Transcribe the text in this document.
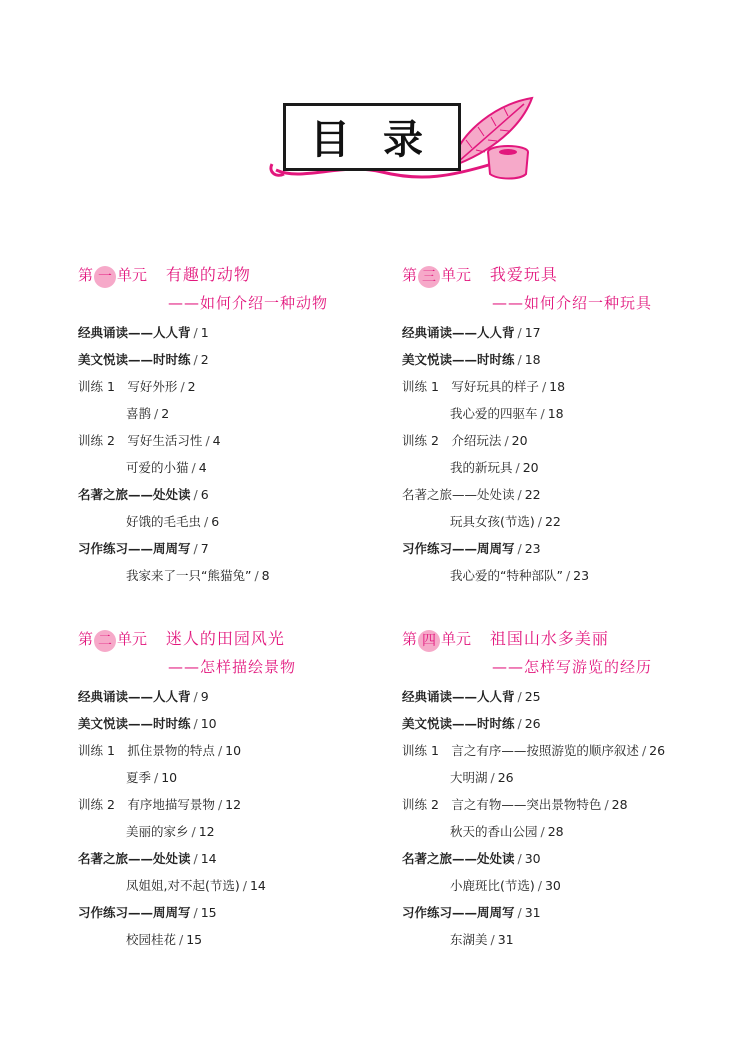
目 录
第 一 单元 有趣的动物
——如何介绍一种动物
经典诵读——人人背 / 1
美文悦读——时时练 / 2
训练 1　写好外形 / 2
喜鹊 / 2
训练 2　写好生活习性 / 4
可爱的小猫 / 4
名著之旅——处处读 / 6
好饿的毛毛虫 / 6
习作练习——周周写 / 7
我家来了一只“熊猫兔” / 8
第 三 单元 我爱玩具
——如何介绍一种玩具
经典诵读——人人背 / 17
美文悦读——时时练 / 18
训练 1　写好玩具的样子 / 18
我心爱的四驱车 / 18
训练 2　介绍玩法 / 20
我的新玩具 / 20
名著之旅——处处读 / 22
玩具女孩(节选) / 22
习作练习——周周写 / 23
我心爱的“特种部队” / 23
第 二 单元 迷人的田园风光
——怎样描绘景物
经典诵读——人人背 / 9
美文悦读——时时练 / 10
训练 1　抓住景物的特点 / 10
夏季 / 10
训练 2　有序地描写景物 / 12
美丽的家乡 / 12
名著之旅——处处读 / 14
凤姐姐,对不起(节选) / 14
习作练习——周周写 / 15
校园桂花 / 15
第 四 单元 祖国山水多美丽
——怎样写游览的经历
经典诵读——人人背 / 25
美文悦读——时时练 / 26
训练 1　言之有序——按照游览的顺序叙述 / 26
大明湖 / 26
训练 2　言之有物——突出景物特色 / 28
秋天的香山公园 / 28
名著之旅——处处读 / 30
小鹿斑比(节选) / 30
习作练习——周周写 / 31
东湖美 / 31
